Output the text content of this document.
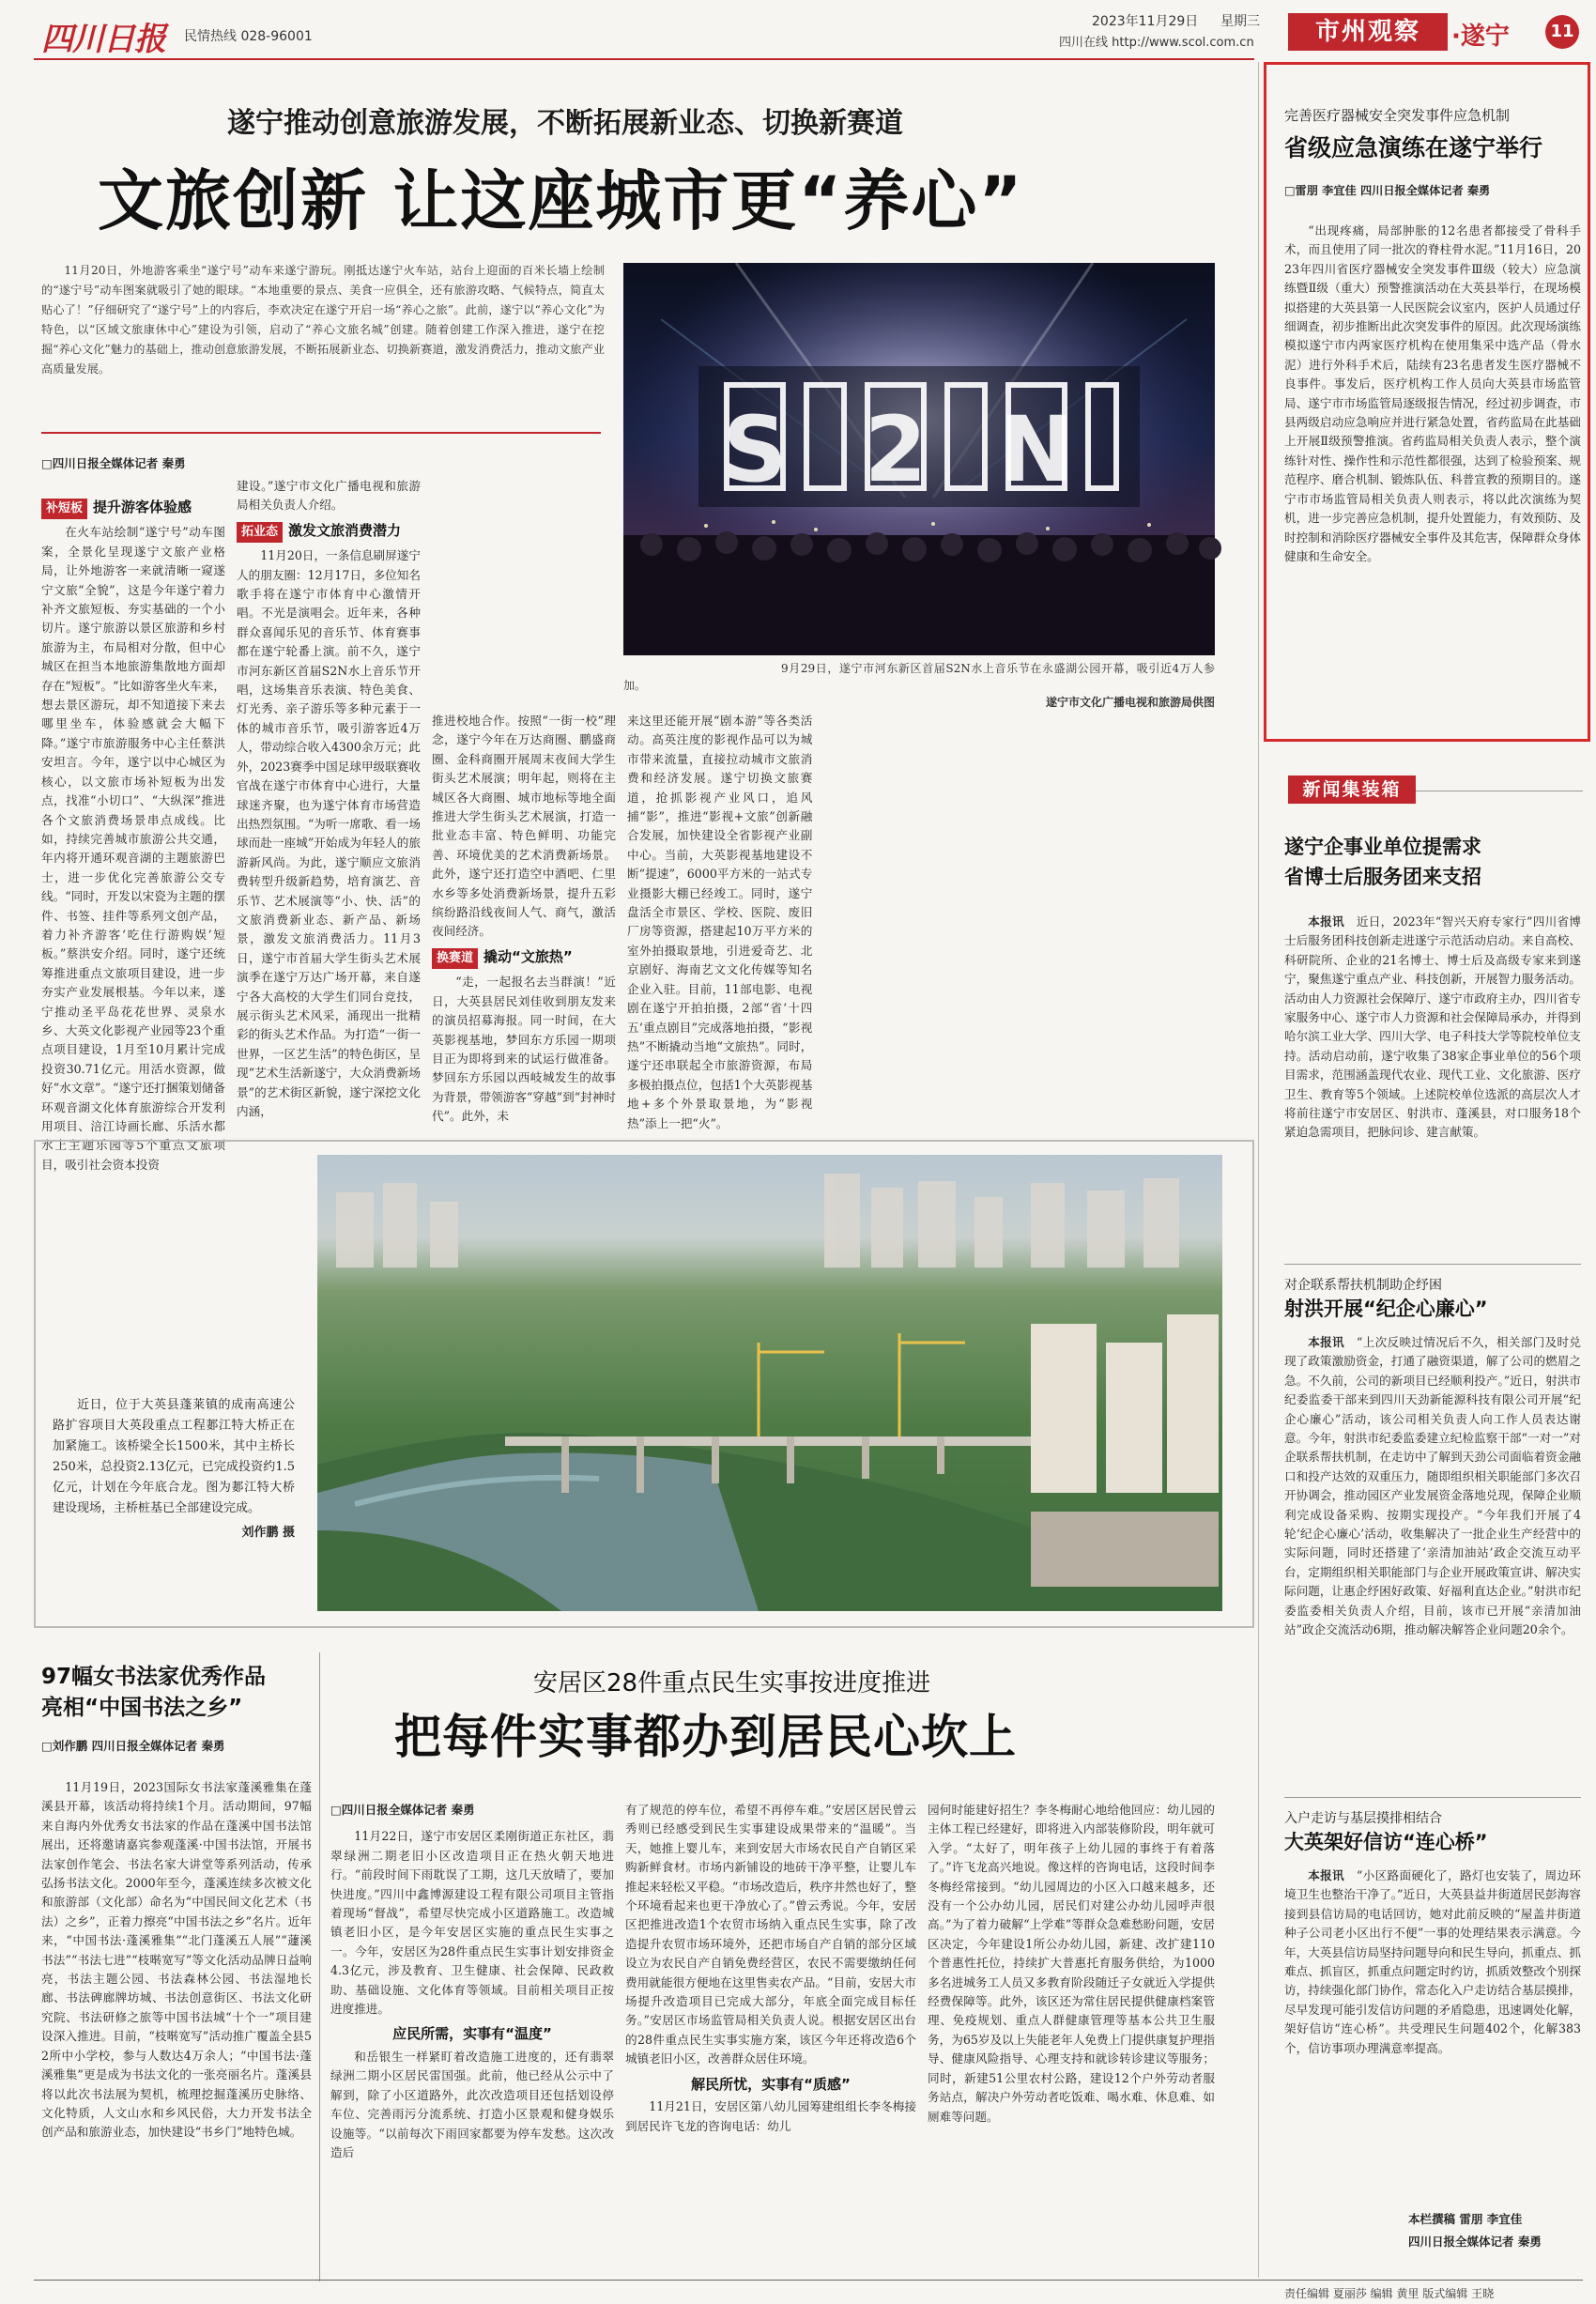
四川日报 民情热线 028-96001
2023年11月29日 星期三
四川在线 http://www.scol.com.cn	市州观察	·遂宁	11
遂宁推动创意旅游发展，不断拓展新业态、切换新赛道
文旅创新 让这座城市更“养心”
11月20日，外地游客乘坐“遂宁号”动车来遂宁游玩。刚抵达遂宁火车站，站台上迎面的百米长墙上绘制的“遂宁号”动车图案就吸引了她的眼球。“本地重要的景点、美食一应俱全，还有旅游攻略、气候特点，简直太贴心了！”仔细研究了“遂宁号”上的内容后，李欢决定在遂宁开启一场“养心之旅”。此前，遂宁以“养心文化”为特色，以“区域文旅康休中心”建设为引领，启动了“养心文旅名城”创建。随着创建工作深入推进，遂宁在挖掘“养心文化”魅力的基础上，推动创意旅游发展，不断拓展新业态、切换新赛道，激发消费活力，推动文旅产业高质量发展。
□四川日报全媒体记者 秦勇
补短板 提升游客体验感

在火车站绘制“遂宁号”动车图案，全景化呈现遂宁文旅产业格局，让外地游客一来就清晰一窥遂宁文旅“全貌”，这是今年遂宁着力补齐文旅短板、夯实基础的一个小切片。遂宁旅游以景区旅游和乡村旅游为主，布局相对分散，但中心城区在担当本地旅游集散地方面却存在“短板”。“比如游客坐火车来，想去景区游玩，却不知道接下来去哪里坐车，体验感就会大幅下降。”遂宁市旅游服务中心主任蔡洪安坦言。今年，遂宁以中心城区为核心，以文旅市场补短板为出发点，找准“小切口”、“大纵深”推进各个文旅消费场景串点成线。比如，持续完善城市旅游公共交通，年内将开通环观音湖的主题旅游巴士，进一步优化完善旅游公交专线。“同时，开发以宋瓷为主题的摆件、书签、挂件等系列文创产品，着力补齐游客‘吃住行游购娱’短板。”蔡洪安介绍。同时，遂宁还统筹推进重点文旅项目建设，进一步夯实产业发展根基。今年以来，遂宁推动圣平岛花花世界、灵泉水乡、大英文化影视产业园等23个重点项目建设，1月至10月累计完成投资30.71亿元。用活水资源，做好“水文章”。“遂宁还打捆策划储备环观音湖文化体育旅游综合开发利用项目、涪江诗画长廊、乐活水都水上主题乐园等5个重点文旅项目，吸引社会资本投资

建设。”遂宁市文化广播电视和旅游局相关负责人介绍。

拓业态 激发文旅消费潜力

11月20日，一条信息刷屏遂宁人的朋友圈：12月17日，多位知名歌手将在遂宁市体育中心激情开唱。不光是演唱会。近年来，各种群众喜闻乐见的音乐节、体育赛事都在遂宁轮番上演。前不久，遂宁市河东新区首届S2N水上音乐节开唱，这场集音乐表演、特色美食、灯光秀、亲子游乐等多种元素于一体的城市音乐节，吸引游客近4万人，带动综合收入4300余万元；此外，2023赛季中国足球甲级联赛收官战在遂宁市体育中心进行，大量球迷齐聚，也为遂宁体育市场营造出热烈氛围。“为听一席歌、看一场球而赴一座城”开始成为年轻人的旅游新风尚。为此，遂宁顺应文旅消费转型升级新趋势，培育演艺、音乐节、艺术展演等“小、快、活”的文旅消费新业态、新产品、新场景，激发文旅消费活力。11月3日，遂宁市首届大学生街头艺术展演季在遂宁万达广场开幕，来自遂宁各大高校的大学生们同台竞技，展示街头艺术风采，涌现出一批精彩的街头艺术作品。为打造“一街一世界，一区艺生活”的特色街区，呈现“艺术生活新遂宁，大众消费新场景”的艺术街区新貌，遂宁深挖文化内涵，

S 2 N
9月29日，遂宁市河东新区首届S2N水上音乐节在永盛湖公园开幕，吸引近4万人参加。
遂宁市文化广播电视和旅游局供图

推进校地合作。按照“一街一校”理念，遂宁今年在万达商圈、鹏盛商圈、金科商圈开展周末夜间大学生街头艺术展演；明年起，则将在主城区各大商圈、城市地标等地全面推进大学生街头艺术展演，打造一批业态丰富、特色鲜明、功能完善、环境优美的艺术消费新场景。此外，遂宁还打造空中酒吧、仁里水乡等多处消费新场景，提升五彩缤纷路沿线夜间人气、商气，激活夜间经济。

换赛道 撬动“文旅热”

“走，一起报名去当群演！”近日，大英县居民刘佳收到朋友发来的演员招募海报。同一时间，在大英影视基地，梦回东方乐园一期项目正为即将到来的试运行做准备。梦回东方乐园以西岐城发生的故事为背景，带领游客“穿越”到“封神时代”。此外，未

来这里还能开展“剧本游”等各类活动。高英注度的影视作品可以为城市带来流量，直接拉动城市文旅消费和经济发展。遂宁切换文旅赛道，抢抓影视产业风口，追风捕“影”，推进“影视+文旅”创新融合发展，加快建设全省影视产业副中心。当前，大英影视基地建设不断“提速”，6000平方米的一站式专业摄影大棚已经竣工。同时，遂宁盘活全市景区、学校、医院、废旧厂房等资源，搭建起10万平方米的室外拍摄取景地，引进爱奇艺、北京剧好、海南艺文文化传媒等知名企业入驻。目前，11部电影、电视剧在遂宁开拍拍摄，2部“省‘十四五’重点剧目”完成落地拍摄，“影视热”不断撬动当地“文旅热”。同时，遂宁还串联起全市旅游资源，布局多极拍摄点位，包括1个大英影视基地+多个外景取景地，为“影视热”添上一把“火”。

近日，位于大英县蓬莱镇的成南高速公路扩容项目大英段重点工程郪江特大桥正在加紧施工。该桥梁全长1500米，其中主桥长250米，总投资2.13亿元，已完成投资约1.5亿元，计划在今年底合龙。图为郪江特大桥建设现场，主桥桩基已全部建设完成。
刘作鹏 摄
97幅女书法家优秀作品
亮相“中国书法之乡”
□刘作鹏 四川日报全媒体记者 秦勇

11月19日，2023国际女书法家蓬溪雅集在蓬溪县开幕，该活动将持续1个月。活动期间，97幅来自海内外优秀女书法家的作品在蓬溪中国书法馆展出，还将邀请嘉宾参观蓬溪·中国书法馆，开展书法家创作笔会、书法名家大讲堂等系列活动，传承弘扬书法文化。2000年至今，蓬溪连续多次被文化和旅游部（文化部）命名为“中国民间文化艺术（书法）之乡”，正着力擦亮“中国书法之乡”名片。近年来，“中国书法·蓬溪雅集”“北门蓬溪五人展”“蘧溪书法”“书法七进”“枝啭宽写”等文化活动品牌日益响亮，书法主题公园、书法森林公园、书法湿地长廊、书法碑廊牌坊城、书法创意街区、书法文化研究院、书法研修之旅等中国书法城“十个一”项目建设深入推进。目前，“枝啭宽写”活动推广覆盖全县52所中小学校，参与人数达4万余人；“中国书法·蓬溪雅集”更是成为书法文化的一张亮丽名片。蓬溪县将以此次书法展为契机，梳理挖掘蓬溪历史脉络、文化特质，人文山水和乡风民俗，大力开发书法全创产品和旅游业态，加快建设“书乡门”地特色城。

安居区28件重点民生实事按进度推进
把每件实事都办到居民心坎上
□四川日报全媒体记者 秦勇

11月22日，遂宁市安居区柔刚街道正东社区，翡翠绿洲二期老旧小区改造项目正在热火朝天地进行。“前段时间下雨耽误了工期，这几天放晴了，要加快进度。”四川中鑫博源建设工程有限公司项目主管指着现场“督战”，希望尽快完成小区道路施工。改造城镇老旧小区，是今年安居区实施的重点民生实事之一。今年，安居区为28件重点民生实事计划安排资金4.3亿元，涉及教育、卫生健康、社会保障、民政救助、基础设施、文化体育等领域。目前相关项目正按进度推进。

应民所需，实事有“温度”

和岳银生一样紧盯着改造施工进度的，还有翡翠绿洲二期小区居民雷国强。此前，他已经从公示中了解到，除了小区道路外，此次改造项目还包括划设停车位、完善雨污分流系统、打造小区景观和健身娱乐设施等。“以前每次下雨回家都要为停车发愁。这次改造后

有了规范的停车位，希望不再停车难。”安居区居民曾云秀则已经感受到民生实事建设成果带来的“温暖”。当天，她推上婴儿车，来到安居大市场农民自产自销区采购新鲜食材。市场内新铺设的地砖干净平整，让婴儿车推起来轻松又平稳。“市场改造后，秩序井然也好了，整个环境看起来也更干净放心了。”曾云秀说。今年，安居区把推进改造1个农贸市场纳入重点民生实事，除了改造提升农贸市场环境外，还把市场自产自销的部分区域设立为农民自产自销免费经营区，农民不需要缴纳任何费用就能很方便地在这里售卖农产品。“目前，安居大市场提升改造项目已完成大部分，年底全面完成目标任务。”安居区市场监管局相关负责人说。根据安居区出台的28件重点民生实事实施方案，该区今年还将改造6个城镇老旧小区，改善群众居住环境。

解民所忧，实事有“质感”

11月21日，安居区第八幼儿园筹建组组长李冬梅接到居民许飞龙的咨询电话：幼儿

园何时能建好招生？李冬梅耐心地给他回应：幼儿园的主体工程已经建好，即将进入内部装修阶段，明年就可入学。“太好了，明年孩子上幼儿园的事终于有着落了。”许飞龙高兴地说。像这样的咨询电话，这段时间李冬梅经常接到。“幼儿园周边的小区入口越来越多，还没有一个公办幼儿园，居民们对建公办幼儿园呼声很高。”为了着力破解“上学难”等群众急难愁盼问题，安居区决定，今年建设1所公办幼儿园，新建、改扩建110个普惠性托位，持续扩大普惠托育服务供给，为1000多名进城务工人员又多教育阶段随迁子女就近入学提供经费保障等。此外，该区还为常住居民提供健康档案管理、免疫规划、重点人群健康管理等基本公共卫生服务，为65岁及以上失能老年人免费上门提供康复护理指导、健康风险指导、心理支持和就诊转诊建议等服务；同时，新建51公里农村公路，建设12个户外劳动者服务站点，解决户外劳动者吃饭难、喝水难、休息难、如厕难等问题。

完善医疗器械安全突发事件应急机制
省级应急演练在遂宁举行
□雷朋 李宜佳 四川日报全媒体记者 秦勇

“出现疼痛，局部肿胀的12名患者都接受了骨科手术，而且使用了同一批次的脊柱骨水泥。”11月16日，2023年四川省医疗器械安全突发事件Ⅲ级（较大）应急演练暨Ⅱ级（重大）预警推演活动在大英县举行，在现场模拟搭建的大英县第一人民医院会议室内，医护人员通过仔细调查，初步推断出此次突发事件的原因。此次现场演练模拟遂宁市内两家医疗机构在使用集采中选产品（骨水泥）进行外科手术后，陆续有23名患者发生医疗器械不良事件。事发后，医疗机构工作人员向大英县市场监管局、遂宁市市场监管局逐级报告情况，经过初步调查，市县两级启动应急响应并进行紧急处置，省药监局在此基础上开展Ⅱ级预警推演。省药监局相关负责人表示，整个演练针对性、操作性和示范性都很强，达到了检验预案、规范程序、磨合机制、锻炼队伍、科普宣教的预期目的。遂宁市市场监管局相关负责人则表示，将以此次演练为契机，进一步完善应急机制，提升处置能力，有效预防、及时控制和消除医疗器械安全事件及其危害，保障群众身体健康和生命安全。

新闻集装箱
遂宁企事业单位提需求
省博士后服务团来支招

本报讯　 近日，2023年“智兴天府专家行”四川省博士后服务团科技创新走进遂宁示范活动启动。来自高校、科研院所、企业的21名博士、博士后及高级专家来到遂宁，聚焦遂宁重点产业、科技创新，开展智力服务活动。活动由人力资源社会保障厅、遂宁市政府主办，四川省专家服务中心、遂宁市人力资源和社会保障局承办，并得到哈尔滨工业大学、四川大学、电子科技大学等院校单位支持。活动启动前，遂宁收集了38家企事业单位的56个项目需求，范围涵盖现代农业、现代工业、文化旅游、医疗卫生、教育等5个领域。上述院校单位选派的高层次人才将前往遂宁市安居区、射洪市、蓬溪县，对口服务18个紧迫急需项目，把脉问诊、建言献策。

对企联系帮扶机制助企纾困
射洪开展“纪企心廉心”

本报讯　 “上次反映过情况后不久，相关部门及时兑现了政策激励资金，打通了融资渠道，解了公司的燃眉之急。不久前，公司的新项目已经顺利投产。”近日，射洪市纪委监委干部来到四川天劲新能源科技有限公司开展“纪企心廉心”活动，该公司相关负责人向工作人员表达谢意。今年，射洪市纪委监委建立纪检监察干部“一对一”对企联系帮扶机制，在走访中了解到天劲公司面临着资金融口和投产达效的双重压力，随即组织相关职能部门多次召开协调会，推动园区产业发展资金落地兑现，保障企业顺利完成设备采购、按期实现投产。“今年我们开展了4轮‘纪企心廉心’活动，收集解决了一批企业生产经营中的实际问题，同时还搭建了‘亲清加油站’政企交流互动平台，定期组织相关职能部门与企业开展政策宣讲、解决实际问题，让惠企纾困好政策、好福利直达企业。”射洪市纪委监委相关负责人介绍，目前，该市已开展“亲清加油站”政企交流活动6期，推动解决解答企业问题20余个。

入户走访与基层摸排相结合
大英架好信访“连心桥”

本报讯　 “小区路面硬化了，路灯也安装了，周边环境卫生也整治干净了。”近日，大英县益井街道居民彭海容接到县信访局的电话回访，她对此前反映的“屋盖井街道种子公司老小区出行不便”一事的处理结果表示满意。今年，大英县信访局坚持问题导向和民生导向，抓重点、抓难点、抓盲区，抓重点问题定时约访，抓质效整改个别探访，持续强化部门协作，常态化入户走访结合基层摸排，尽早发现可能引发信访问题的矛盾隐患，迅速调处化解，架好信访“连心桥”。共受理民生问题402个，化解383个，信访事项办理满意率提高。

本栏撰稿 雷朋 李宜佳
四川日报全媒体记者 秦勇
责任编辑 夏丽莎 编辑 黄里 版式编辑 王晓
